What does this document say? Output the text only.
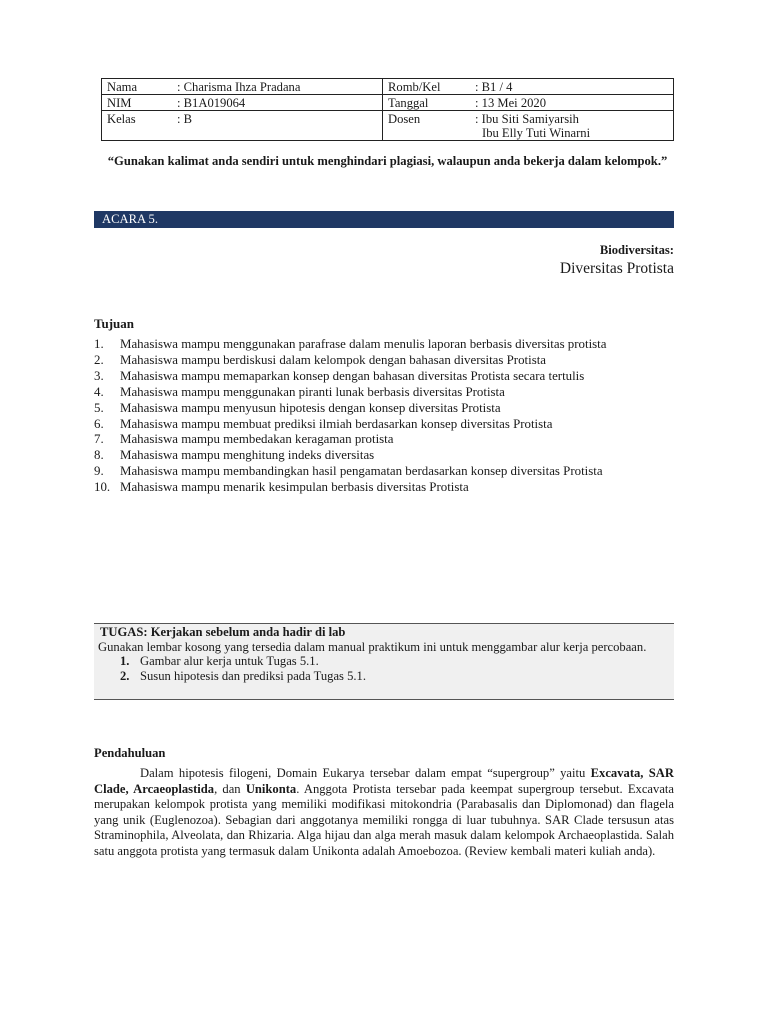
Nama	: Charisma Ihza Pradana	Romb/Kel	: B1 / 4
NIM	: B1A019064	Tanggal	: 13 Mei 2020
Kelas	: B	Dosen	: Ibu Siti Samiyarsih
Ibu Elly Tuti Winarni
“Gunakan kalimat anda sendiri untuk menghindari plagiasi, walaupun anda bekerja dalam kelompok.”
ACARA 5.
Biodiversitas:
Diversitas Protista
Tujuan
1.	Mahasiswa mampu menggunakan parafrase dalam menulis laporan berbasis diversitas protista
2.	Mahasiswa mampu berdiskusi dalam kelompok dengan bahasan diversitas Protista
3.	Mahasiswa mampu memaparkan konsep dengan bahasan diversitas Protista secara tertulis
4.	Mahasiswa mampu menggunakan piranti lunak berbasis diversitas Protista
5.	Mahasiswa mampu menyusun hipotesis dengan konsep diversitas Protista
6.	Mahasiswa mampu membuat prediksi ilmiah berdasarkan konsep diversitas Protista
7.	Mahasiswa mampu membedakan keragaman protista
8.	Mahasiswa mampu menghitung indeks diversitas
9.	Mahasiswa mampu membandingkan hasil pengamatan berdasarkan konsep diversitas Protista
10. Mahasiswa mampu menarik kesimpulan berbasis diversitas Protista
TUGAS: Kerjakan sebelum anda hadir di lab
Gunakan lembar kosong yang tersedia dalam manual praktikum ini untuk menggambar alur kerja percobaan.
1. Gambar alur kerja untuk Tugas 5.1.
2. Susun hipotesis dan prediksi pada Tugas 5.1.
Pendahuluan

Dalam hipotesis filogeni, Domain Eukarya tersebar dalam empat “supergroup” yaitu Excavata, SAR Clade, Arcaeoplastida, dan Unikonta. Anggota Protista tersebar pada keempat supergroup tersebut. Excavata merupakan kelompok protista yang memiliki modifikasi mitokondria (Parabasalis dan Diplomonad) dan flagela yang unik (Euglenozoa). Sebagian dari anggotanya memiliki rongga di luar tubuhnya. SAR Clade tersusun atas Straminophila, Alveolata, dan Rhizaria. Alga hijau dan alga merah masuk dalam kelompok Archaeoplastida. Salah satu anggota protista yang termasuk dalam Unikonta adalah Amoebozoa. (Review kembali materi kuliah anda).
